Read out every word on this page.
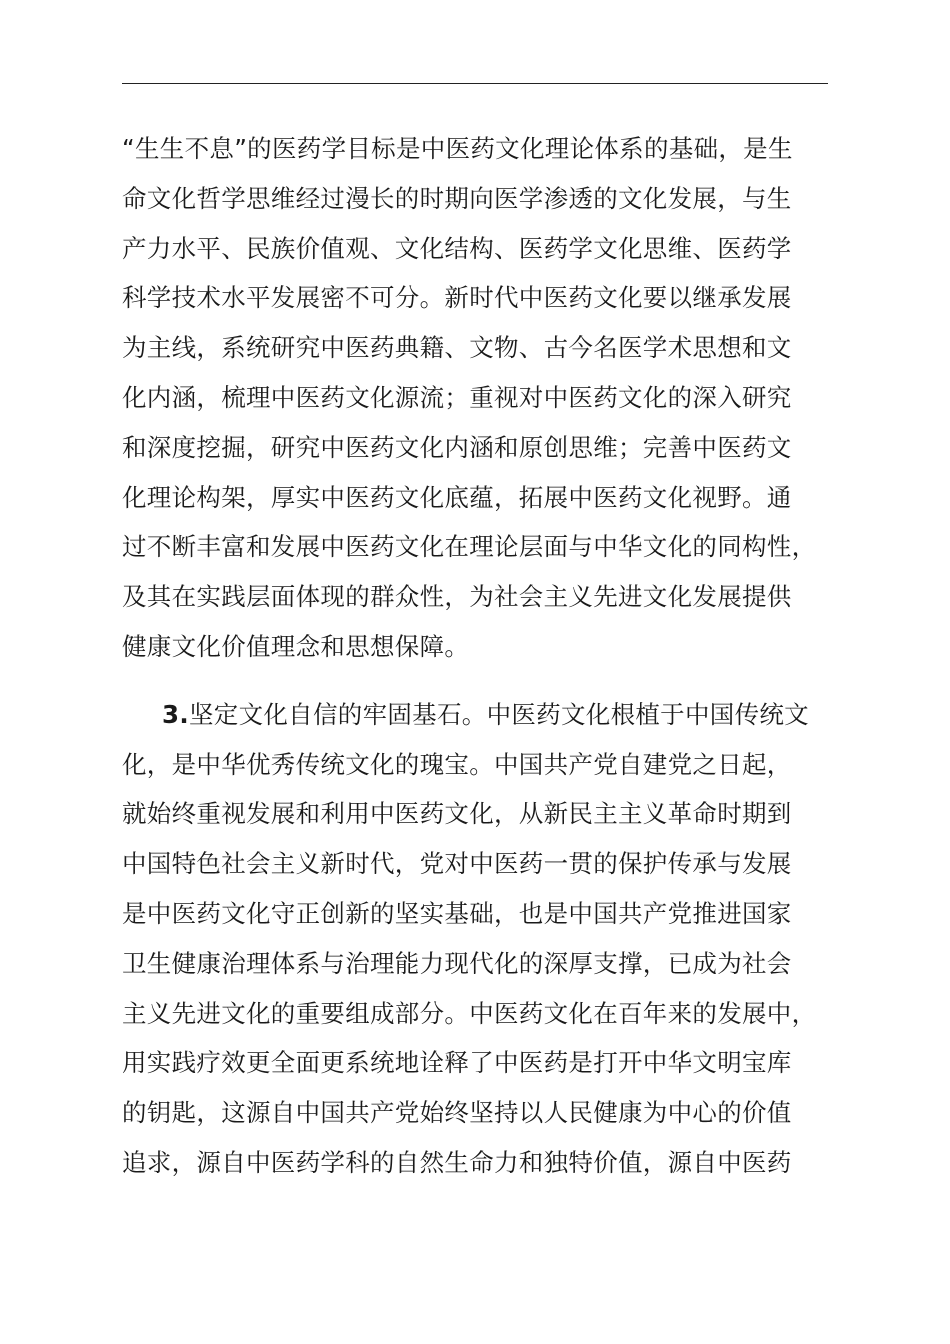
“生生不息”的医药学目标是中医药文化理论体系的基础，是生
命文化哲学思维经过漫长的时期向医学渗透的文化发展，与生
产力水平、民族价值观、文化结构、医药学文化思维、医药学
科学技术水平发展密不可分。新时代中医药文化要以继承发展
为主线，系统研究中医药典籍、文物、古今名医学术思想和文
化内涵，梳理中医药文化源流；重视对中医药文化的深入研究
和深度挖掘，研究中医药文化内涵和原创思维；完善中医药文
化理论构架，厚实中医药文化底蕴，拓展中医药文化视野。通
过不断丰富和发展中医药文化在理论层面与中华文化的同构性，
及其在实践层面体现的群众性，为社会主义先进文化发展提供
健康文化价值理念和思想保障。
3.坚定文化自信的牢固基石。中医药文化根植于中国传统文
化，是中华优秀传统文化的瑰宝。中国共产党自建党之日起，
就始终重视发展和利用中医药文化，从新民主主义革命时期到
中国特色社会主义新时代，党对中医药一贯的保护传承与发展
是中医药文化守正创新的坚实基础，也是中国共产党推进国家
卫生健康治理体系与治理能力现代化的深厚支撑，已成为社会
主义先进文化的重要组成部分。中医药文化在百年来的发展中，
用实践疗效更全面更系统地诠释了中医药是打开中华文明宝库
的钥匙，这源自中国共产党始终坚持以人民健康为中心的价值
追求，源自中医药学科的自然生命力和独特价值，源自中医药
